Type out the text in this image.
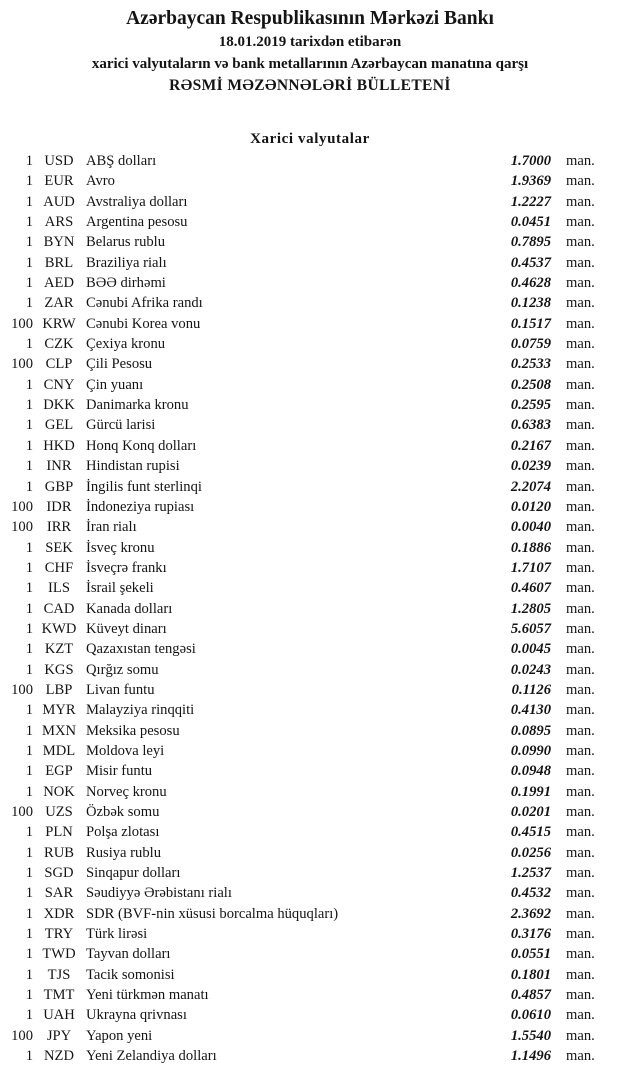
Azərbaycan Respublikasının Mərkəzi Bankı
18.01.2019 tarixdən etibarən
xarici valyutaların və bank metallarının Azərbaycan manatına qarşı
RƏSMİ MƏZƏNNƏLƏRİ BÜLLETENİ
Xarici valyutalar
1 USD ABŞ dolları	1.7000 man.
1 EUR Avro	1.9369 man.
1 AUD Avstraliya dolları	1.2227 man.
1 ARS Argentina pesosu	0.0451 man.
1 BYN Belarus rublu	0.7895 man.
1 BRL Braziliya rialı	0.4537 man.
1 AED BƏƏ dirhəmi	0.4628 man.
1 ZAR Cənubi Afrika randı	0.1238 man.
100 KRW Cənubi Korea vonu	0.1517 man.
1 CZK Çexiya kronu	0.0759 man.
100 CLP Çili Pesosu	0.2533 man.
1 CNY Çin yuanı	0.2508 man.
1 DKK Danimarka kronu	0.2595 man.
1 GEL Gürcü larisi	0.6383 man.
1 HKD Honq Konq dolları	0.2167 man.
1 INR Hindistan rupisi	0.0239 man.
1 GBP İngilis funt sterlinqi	2.2074 man.
100 IDR İndoneziya rupiası	0.0120 man.
100 IRR	İran rialı	0.0040 man.
1 SEK İsveç kronu	0.1886 man.
1 CHF İsveçrə frankı	1.7107 man.
1	ILS	İsrail şekeli	0.4607 man.
1 CAD Kanada dolları	1.2805 man.
1 KWD Küveyt dinarı	5.6057 man.
1 KZT Qazaxıstan tengəsi	0.0045 man.
1 KGS Qırğız somu	0.0243 man.
100 LBP Livan funtu	0.1126 man.
1 MYR Malayziya rinqqiti	0.4130 man.
1 MXN Meksika pesosu	0.0895 man.
1 MDL Moldova leyi	0.0990 man.
1 EGP Misir funtu	0.0948 man.
1 NOK Norveç kronu	0.1991 man.
100 UZS Özbək somu	0.0201 man.
1 PLN Polşa zlotası	0.4515 man.
1 RUB Rusiya rublu	0.0256 man.
1 SGD Sinqapur dolları	1.2537 man.
1 SAR Səudiyyə Ərəbistanı rialı	0.4532 man.
1 XDR SDR (BVF-nin xüsusi borcalma hüquqları)	2.3692 man.
1 TRY Türk lirəsi	0.3176 man.
1 TWD Tayvan dolları	0.0551 man.
1	TJS	Tacik somonisi	0.1801 man.
1 TMT Yeni türkmən manatı	0.4857 man.
1 UAH Ukrayna qrivnası	0.0610 man.
100 JPY	Yapon yeni	1.5540 man.
1 NZD Yeni Zelandiya dolları	1.1496 man.
